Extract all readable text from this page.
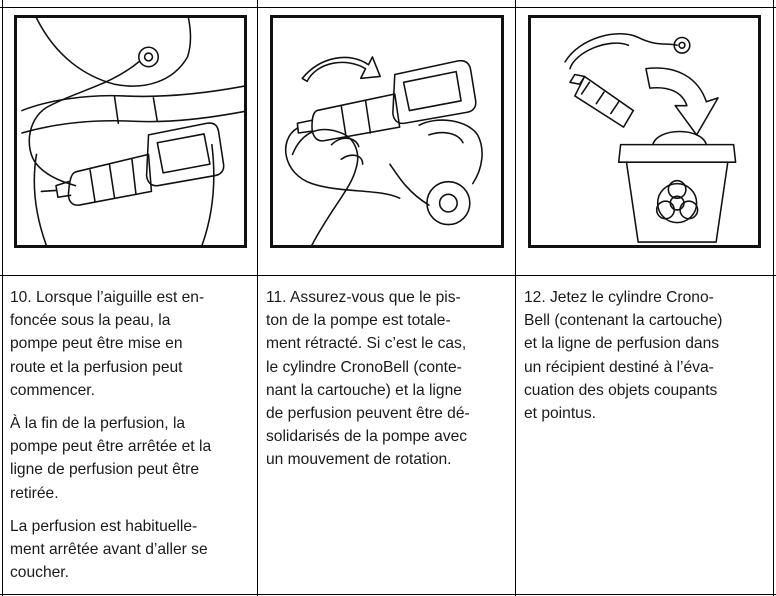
10. Lorsque l’aiguille est en-
foncée sous la peau, la
pompe peut être mise en
route et la perfusion peut
commencer.

À la fin de la perfusion, la
pompe peut être arrêtée et la
ligne de perfusion peut être
retirée.

La perfusion est habituelle-
ment arrêtée avant d’aller se
coucher.

11. Assurez-vous que le pis-
ton de la pompe est totale-
ment rétracté. Si c’est le cas,
le cylindre CronoBell (conte-
nant la cartouche) et la ligne
de perfusion peuvent être dé-
solidarisés de la pompe avec
un mouvement de rotation.

12. Jetez le cylindre Crono-
Bell (contenant la cartouche)
et la ligne de perfusion dans
un récipient destiné à l’éva-
cuation des objets coupants
et pointus.
